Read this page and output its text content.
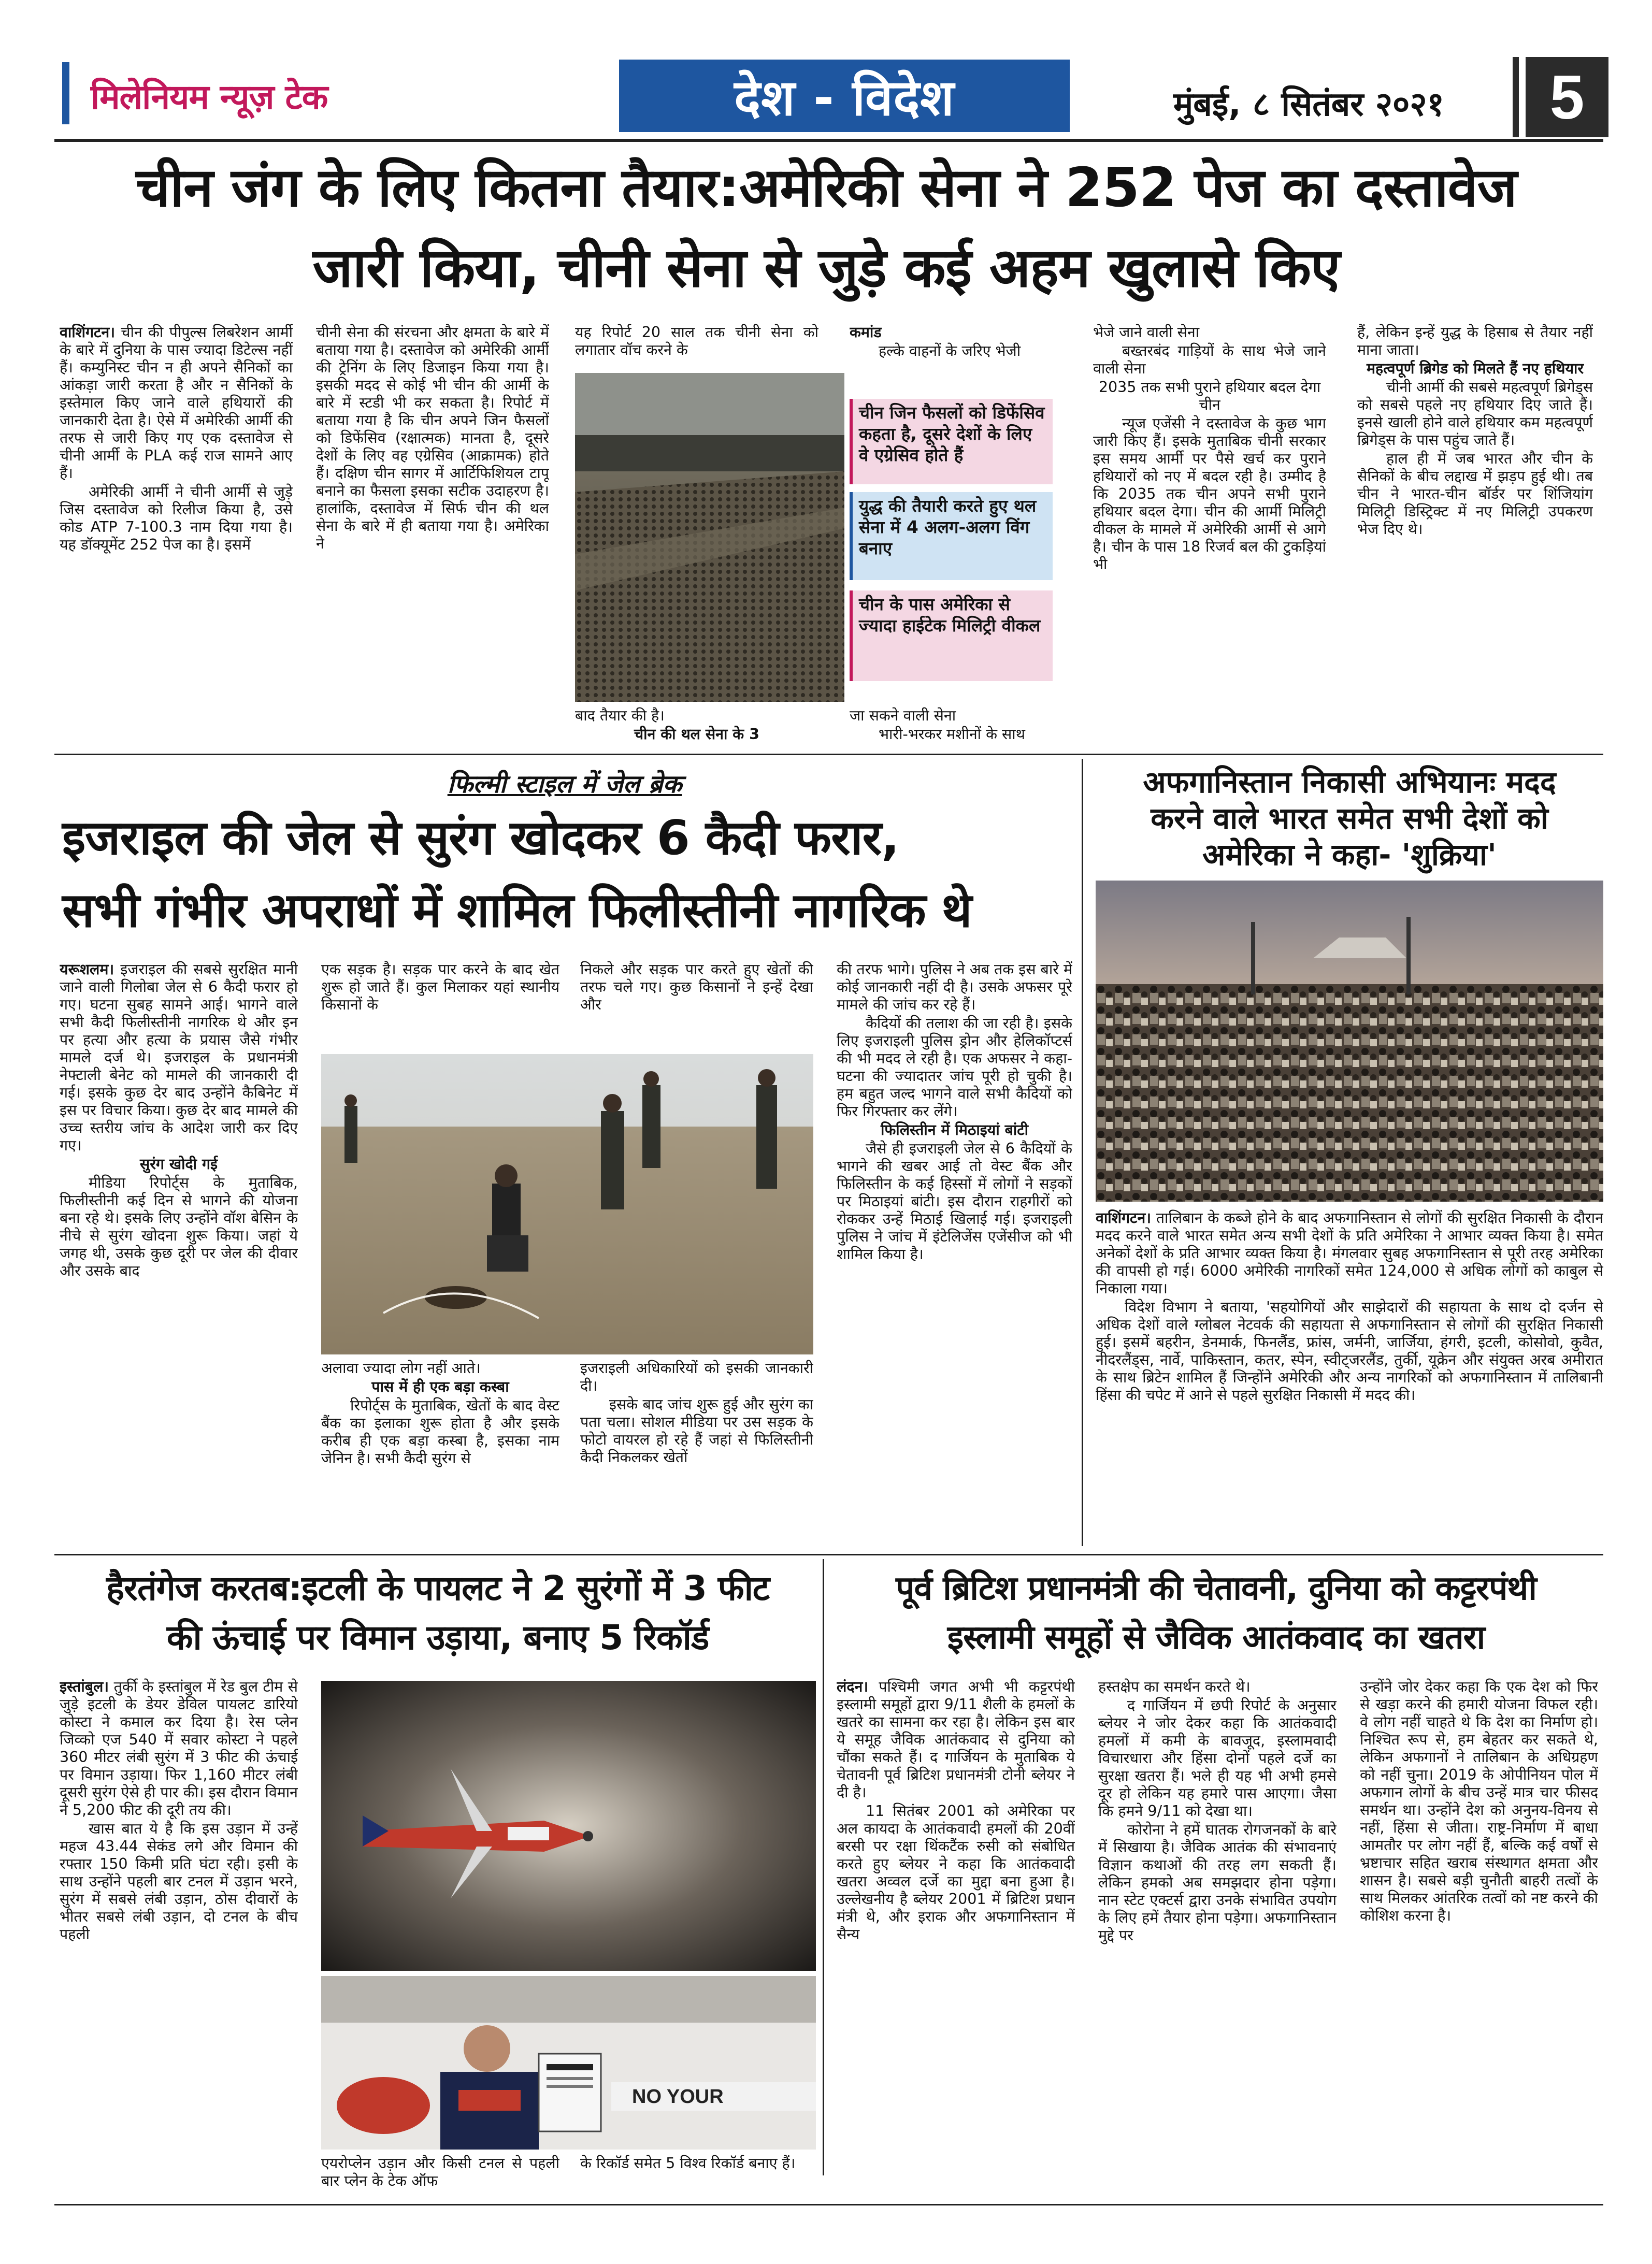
मिलेनियम न्यूज़ टेक	देश - विदेश	मुंबई, ८ सितंबर २०२१ 5
चीन जंग के लिए कितना तैयार:अमेरिकी सेना ने 252 पेज का दस्तावेज
जारी किया, चीनी सेना से जुड़े कई अहम खुलासे किए

वाशिंगटन। चीन की पीपुल्स लिबरेशन आर्मी के बारे में दुनिया के पास ज्यादा डिटेल्स नहीं हैं। कम्युनिस्ट चीन न ही अपने सैनिकों का आंकड़ा जारी करता है और न सैनिकों के इस्तेमाल किए जाने वाले हथियारों की जानकारी देता है। ऐसे में अमेरिकी आर्मी की तरफ से जारी किए गए एक दस्तावेज से चीनी आर्मी के PLA कई राज सामने आए हैं।

अमेरिकी आर्मी ने चीनी आर्मी से जुड़े जिस दस्तावेज को रिलीज किया है, उसे कोड ATP 7-100.3 नाम दिया गया है। यह डॉक्यूमेंट 252 पेज का है। इसमें

चीनी सेना की संरचना और क्षमता के बारे में बताया गया है। दस्तावेज को अमेरिकी आर्मी की ट्रेनिंग के लिए डिजाइन किया गया है। इसकी मदद से कोई भी चीन की आर्मी के बारे में स्टडी भी कर सकता है। रिपोर्ट में बताया गया है कि चीन अपने जिन फैसलों को डिफेंसिव (रक्षात्मक) मानता है, दूसरे देशों के लिए वह एग्रेसिव (आक्रामक) होते हैं। दक्षिण चीन सागर में आर्टिफिशियल टापू बनाने का फैसला इसका सटीक उदाहरण है। हालांकि, दस्तावेज में सिर्फ चीन की थल सेना के बारे में ही बताया गया है। अमेरिका ने

यह रिपोर्ट 20 साल तक चीनी सेना को लगातार वॉच करने के

बाद तैयार की है।

चीन की थल सेना के 3

कमांड

हल्के वाहनों के जरिए भेजी

चीन जिन फैसलों को डिफेंसिव कहता है, दूसरे देशों के लिए वे एग्रेसिव होते हैं
युद्ध की तैयारी करते हुए थल सेना में 4 अलग-अलग विंग बनाए
चीन के पास अमेरिका से ज्यादा हाईटेक मिलिट्री वीकल

जा सकने वाली सेना

भारी-भरकर मशीनों के साथ

भेजे जाने वाली सेना

बख्तरबंद गाड़ियों के साथ भेजे जाने वाली सेना

2035 तक सभी पुराने हथियार बदल देगा चीन

न्यूज एजेंसी ने दस्तावेज के कुछ भाग जारी किए हैं। इसके मुताबिक चीनी सरकार इस समय आर्मी पर पैसे खर्च कर पुराने हथियारों को नए में बदल रही है। उम्मीद है कि 2035 तक चीन अपने सभी पुराने हथियार बदल देगा। चीन की आर्मी मिलिट्री वीकल के मामले में अमेरिकी आर्मी से आगे है। चीन के पास 18 रिजर्व बल की टुकड़ियां भी

हैं, लेकिन इन्हें युद्ध के हिसाब से तैयार नहीं माना जाता।

महत्वपूर्ण ब्रिगेड को मिलते हैं नए हथियार

चीनी आर्मी की सबसे महत्वपूर्ण ब्रिगेड्स को सबसे पहले नए हथियार दिए जाते हैं। इनसे खाली होने वाले हथियार कम महत्वपूर्ण ब्रिगेड्स के पास पहुंच जाते हैं।

हाल ही में जब भारत और चीन के सैनिकों के बीच लद्दाख में झड़प हुई थी। तब चीन ने भारत-चीन बॉर्डर पर शिंजियांग मिलिट्री डिस्ट्रिक्ट में नए मिलिट्री उपकरण भेज दिए थे।

फिल्मी स्टाइल में जेल ब्रेक
इजराइल की जेल से सुरंग खोदकर 6 कैदी फरार,
सभी गंभीर अपराधों में शामिल फिलीस्तीनी नागरिक थे

यरूशलम। इजराइल की सबसे सुरक्षित मानी जाने वाली गिलोबा जेल से 6 कैदी फरार हो गए। घटना सुबह सामने आई। भागने वाले सभी कैदी फिलीस्तीनी नागरिक थे और इन पर हत्या और हत्या के प्रयास जैसे गंभीर मामले दर्ज थे। इजराइल के प्रधानमंत्री नेफ्टाली बेनेट को मामले की जानकारी दी गई। इसके कुछ देर बाद उन्होंने कैबिनेट में इस पर विचार किया। कुछ देर बाद मामले की उच्च स्तरीय जांच के आदेश जारी कर दिए गए।

सुरंग खोदी गई

मीडिया रिपोर्ट्स के मुताबिक, फिलीस्तीनी कई दिन से भागने की योजना बना रहे थे। इसके लिए उन्होंने वॉश बेसिन के नीचे से सुरंग खोदना शुरू किया। जहां ये जगह थी, उसके कुछ दूरी पर जेल की दीवार और उसके बाद

एक सड़क है। सड़क पार करने के बाद खेत शुरू हो जाते हैं। कुल मिलाकर यहां स्थानीय किसानों के

निकले और सड़क पार करते हुए खेतों की तरफ चले गए। कुछ किसानों ने इन्हें देखा और

अलावा ज्यादा लोग नहीं आते।

पास में ही एक बड़ा कस्बा

रिपोर्ट्स के मुताबिक, खेतों के बाद वेस्ट बैंक का इलाका शुरू होता है और इसके करीब ही एक बड़ा कस्बा है, इसका नाम जेनिन है। सभी कैदी सुरंग से

इजराइली अधिकारियों को इसकी जानकारी दी।

इसके बाद जांच शुरू हुई और सुरंग का पता चला। सोशल मीडिया पर उस सड़क के फोटो वायरल हो रहे हैं जहां से फिलिस्तीनी कैदी निकलकर खेतों

की तरफ भागे। पुलिस ने अब तक इस बारे में कोई जानकारी नहीं दी है। उसके अफसर पूरे मामले की जांच कर रहे हैं।

कैदियों की तलाश की जा रही है। इसके लिए इजराइली पुलिस ड्रोन और हेलिकॉप्टर्स की भी मदद ले रही है। एक अफसर ने कहा- घटना की ज्यादातर जांच पूरी हो चुकी है। हम बहुत जल्द भागने वाले सभी कैदियों को फिर गिरफ्तार कर लेंगे।

फिलिस्तीन में मिठाइयां बांटी

जैसे ही इजराइली जेल से 6 कैदियों के भागने की खबर आई तो वेस्ट बैंक और फिलिस्तीन के कई हिस्सों में लोगों ने सड़कों पर मिठाइयां बांटी। इस दौरान राहगीरों को रोककर उन्हें मिठाई खिलाई गई। इजराइली पुलिस ने जांच में इंटेलिजेंस एजेंसीज को भी शामिल किया है।

अफगानिस्तान निकासी अभियानः मदद
करने वाले भारत समेत सभी देशों को
अमेरिका ने कहा- 'शुक्रिया'

वाशिंगटन। तालिबान के कब्जे होने के बाद अफगानिस्तान से लोगों की सुरक्षित निकासी के दौरान मदद करने वाले भारत समेत अन्य सभी देशों के प्रति अमेरिका ने आभार व्यक्त किया है। समेत अनेकों देशों के प्रति आभार व्यक्त किया है। मंगलवार सुबह अफगानिस्तान से पूरी तरह अमेरिका की वापसी हो गई। 6000 अमेरिकी नागरिकों समेत 124,000 से अधिक लोगों को काबुल से निकाला गया।

विदेश विभाग ने बताया, 'सहयोगियों और साझेदारों की सहायता के साथ दो दर्जन से अधिक देशों वाले ग्लोबल नेटवर्क की सहायता से अफगानिस्तान से लोगों की सुरक्षित निकासी हुई। इसमें बहरीन, डेनमार्क, फिनलैंड, फ्रांस, जर्मनी, जार्जिया, हंगरी, इटली, कोसोवो, कुवैत, नीदरलैंड्स, नार्वे, पाकिस्तान, कतर, स्पेन, स्वीट्जरलैंड, तुर्की, यूक्रेन और संयुक्त अरब अमीरात के साथ ब्रिटेन शामिल हैं जिन्होंने अमेरिकी और अन्य नागरिकों को अफगानिस्तान में तालिबानी हिंसा की चपेट में आने से पहले सुरक्षित निकासी में मदद की।

हैरतंगेज करतब:इटली के पायलट ने 2 सुरंगों में 3 फीट
की ऊंचाई पर विमान उड़ाया, बनाए 5 रिकॉर्ड

इस्तांबुल। तुर्की के इस्तांबुल में रेड बुल टीम से जुड़े इटली के डेयर डेविल पायलट डारियो कोस्टा ने कमाल कर दिया है। रेस प्लेन जिव्को एज 540 में सवार कोस्टा ने पहले 360 मीटर लंबी सुरंग में 3 फीट की ऊंचाई पर विमान उड़ाया। फिर 1,160 मीटर लंबी दूसरी सुरंग ऐसे ही पार की। इस दौरान विमान ने 5,200 फीट की दूरी तय की।

खास बात ये है कि इस उड़ान में उन्हें महज 43.44 सेकंड लगे और विमान की रफ्तार 150 किमी प्रति घंटा रही। इसी के साथ उन्होंने पहली बार टनल में उड़ान भरने, सुरंग में सबसे लंबी उड़ान, ठोस दीवारों के भीतर सबसे लंबी उड़ान, दो टनल के बीच पहली

NO YOUR

एयरोप्लेन उड़ान और किसी टनल से पहली बार प्लेन के टेक ऑफ

के रिकॉर्ड समेत 5 विश्व रिकॉर्ड बनाए हैं।

पूर्व ब्रिटिश प्रधानमंत्री की चेतावनी, दुनिया को कट्टरपंथी
इस्लामी समूहों से जैविक आतंकवाद का खतरा

लंदन। पश्चिमी जगत अभी भी कट्टरपंथी इस्लामी समूहों द्वारा 9/11 शैली के हमलों के खतरे का सामना कर रहा है। लेकिन इस बार ये समूह जैविक आतंकवाद से दुनिया को चौंका सकते हैं। द गार्जियन के मुताबिक ये चेतावनी पूर्व ब्रिटिश प्रधानमंत्री टोनी ब्लेयर ने दी है।

11 सितंबर 2001 को अमेरिका पर अल कायदा के आतंकवादी हमलों की 20वीं बरसी पर रक्षा थिंकटैंक रुसी को संबोधित करते हुए ब्लेयर ने कहा कि आतंकवादी खतरा अव्वल दर्जे का मुद्दा बना हुआ है। उल्लेखनीय है ब्लेयर 2001 में ब्रिटिश प्रधान मंत्री थे, और इराक और अफगानिस्तान में सैन्य

हस्तक्षेप का समर्थन करते थे।

द गार्जियन में छपी रिपोर्ट के अनुसार ब्लेयर ने जोर देकर कहा कि आतंकवादी हमलों में कमी के बावजूद, इस्लामवादी विचारधारा और हिंसा दोनों पहले दर्जे का सुरक्षा खतरा हैं। भले ही यह भी अभी हमसे दूर हो लेकिन यह हमारे पास आएगा। जैसा कि हमने 9/11 को देखा था।

कोरोना ने हमें घातक रोगजनकों के बारे में सिखाया है। जैविक आतंक की संभावनाएं विज्ञान कथाओं की तरह लग सकती हैं। लेकिन हमको अब समझदार होना पड़ेगा। नान स्टेट एक्टर्स द्वारा उनके संभावित उपयोग के लिए हमें तैयार होना पड़ेगा। अफगानिस्तान मुद्दे पर

उन्होंने जोर देकर कहा कि एक देश को फिर से खड़ा करने की हमारी योजना विफल रही। वे लोग नहीं चाहते थे कि देश का निर्माण हो। निश्चित रूप से, हम बेहतर कर सकते थे, लेकिन अफगानों ने तालिबान के अधिग्रहण को नहीं चुना। 2019 के ओपीनियन पोल में अफगान लोगों के बीच उन्हें मात्र चार फीसद समर्थन था। उन्होंने देश को अनुनय-विनय से नहीं, हिंसा से जीता। राष्ट्र-निर्माण में बाधा आमतौर पर लोग नहीं हैं, बल्कि कई वर्षों से भ्रष्टाचार सहित खराब संस्थागत क्षमता और शासन है। सबसे बड़ी चुनौती बाहरी तत्वों के साथ मिलकर आंतरिक तत्वों को नष्ट करने की कोशिश करना है।
